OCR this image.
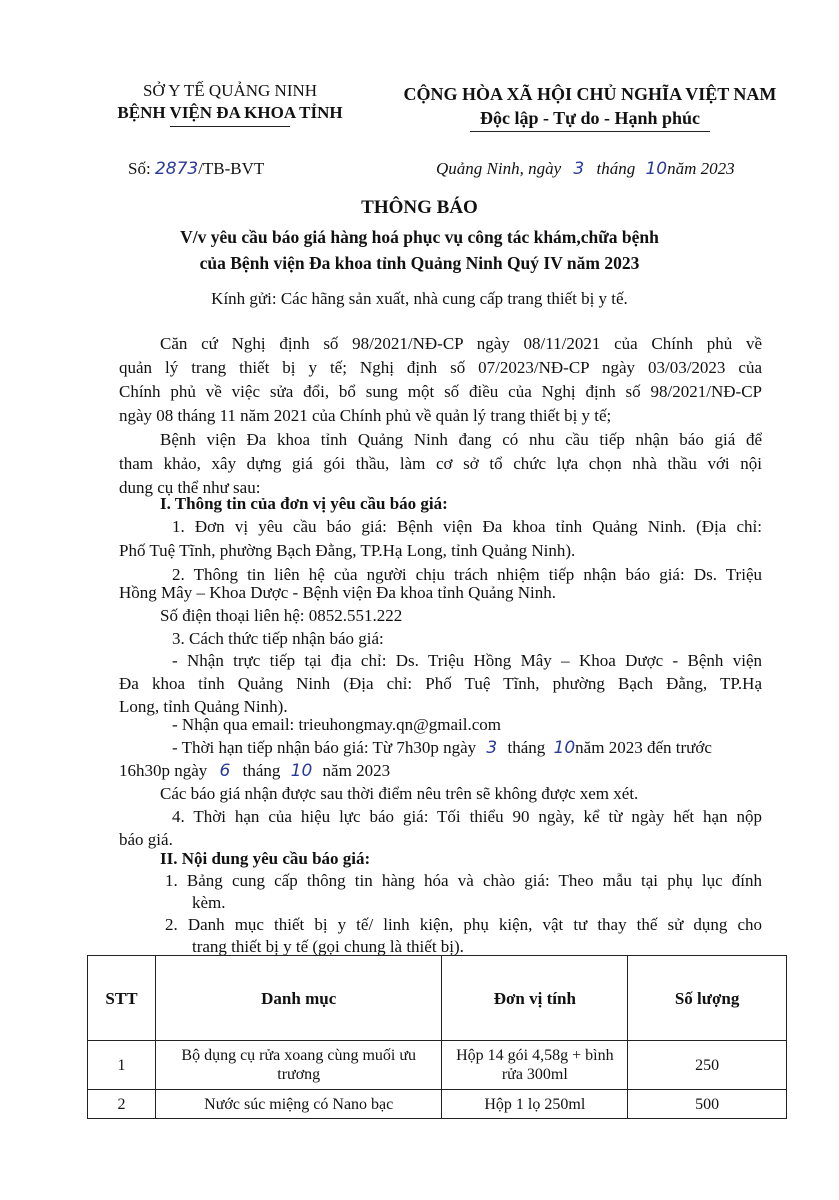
SỞ Y TẾ QUẢNG NINH
BỆNH VIỆN ĐA KHOA TỈNH
CỘNG HÒA XÃ HỘI CHỦ NGHĨA VIỆT NAM
Độc lập - Tự do - Hạnh phúc
Số: 2873/TB-BVT	Quảng Ninh, ngày 3 tháng 10năm 2023
THÔNG BÁO
V/v yêu cầu báo giá hàng hoá phục vụ công tác khám,chữa bệnh
của Bệnh viện Đa khoa tỉnh Quảng Ninh Quý IV năm 2023
Kính gửi: Các hãng sản xuất, nhà cung cấp trang thiết bị y tế.
Căn cứ Nghị định số 98/2021/NĐ-CP ngày 08/11/2021 của Chính phủ về
quản lý trang thiết bị y tế; Nghị định số 07/2023/NĐ-CP ngày 03/03/2023 của
Chính phủ về việc sửa đổi, bổ sung một số điều của Nghị định số 98/2021/NĐ-CP
ngày 08 tháng 11 năm 2021 của Chính phủ về quản lý trang thiết bị y tế;
Bệnh viện Đa khoa tỉnh Quảng Ninh đang có nhu cầu tiếp nhận báo giá để
tham khảo, xây dựng giá gói thầu, làm cơ sở tổ chức lựa chọn nhà thầu với nội
dung cụ thể như sau:
I. Thông tin của đơn vị yêu cầu báo giá:
1. Đơn vị yêu cầu báo giá: Bệnh viện Đa khoa tỉnh Quảng Ninh. (Địa chỉ:
Phố Tuệ Tĩnh, phường Bạch Đằng, TP.Hạ Long, tỉnh Quảng Ninh).
2. Thông tin liên hệ của người chịu trách nhiệm tiếp nhận báo giá: Ds. Triệu
Hồng Mây – Khoa Dược - Bệnh viện Đa khoa tỉnh Quảng Ninh.
Số điện thoại liên hệ: 0852.551.222
3. Cách thức tiếp nhận báo giá:
- Nhận trực tiếp tại địa chỉ: Ds. Triệu Hồng Mây – Khoa Dược - Bệnh viện
Đa khoa tỉnh Quảng Ninh (Địa chỉ: Phố Tuệ Tĩnh, phường Bạch Đằng, TP.Hạ
Long, tỉnh Quảng Ninh).
- Nhận qua email: trieuhongmay.qn@gmail.com
- Thời hạn tiếp nhận báo giá: Từ 7h30p ngày 3 tháng 10năm 2023 đến trước
16h30p ngày 6 tháng 10 năm 2023
Các báo giá nhận được sau thời điểm nêu trên sẽ không được xem xét.
4. Thời hạn của hiệu lực báo giá: Tối thiểu 90 ngày, kể từ ngày hết hạn nộp
báo giá.
II. Nội dung yêu cầu báo giá:
1. Bảng cung cấp thông tin hàng hóa và chào giá: Theo mẫu tại phụ lục đính
kèm.
2. Danh mục thiết bị y tế/ linh kiện, phụ kiện, vật tư thay thế sử dụng cho
trang thiết bị y tế (gọi chung là thiết bị).
STT	Danh mục	Đơn vị tính	Số lượng
1	Bộ dụng cụ rửa xoang cùng muối ưu trương	Hộp 14 gói 4,58g + bình rửa 300ml	250
2	Nước súc miệng có Nano bạc	Hộp 1 lọ 250ml	500
